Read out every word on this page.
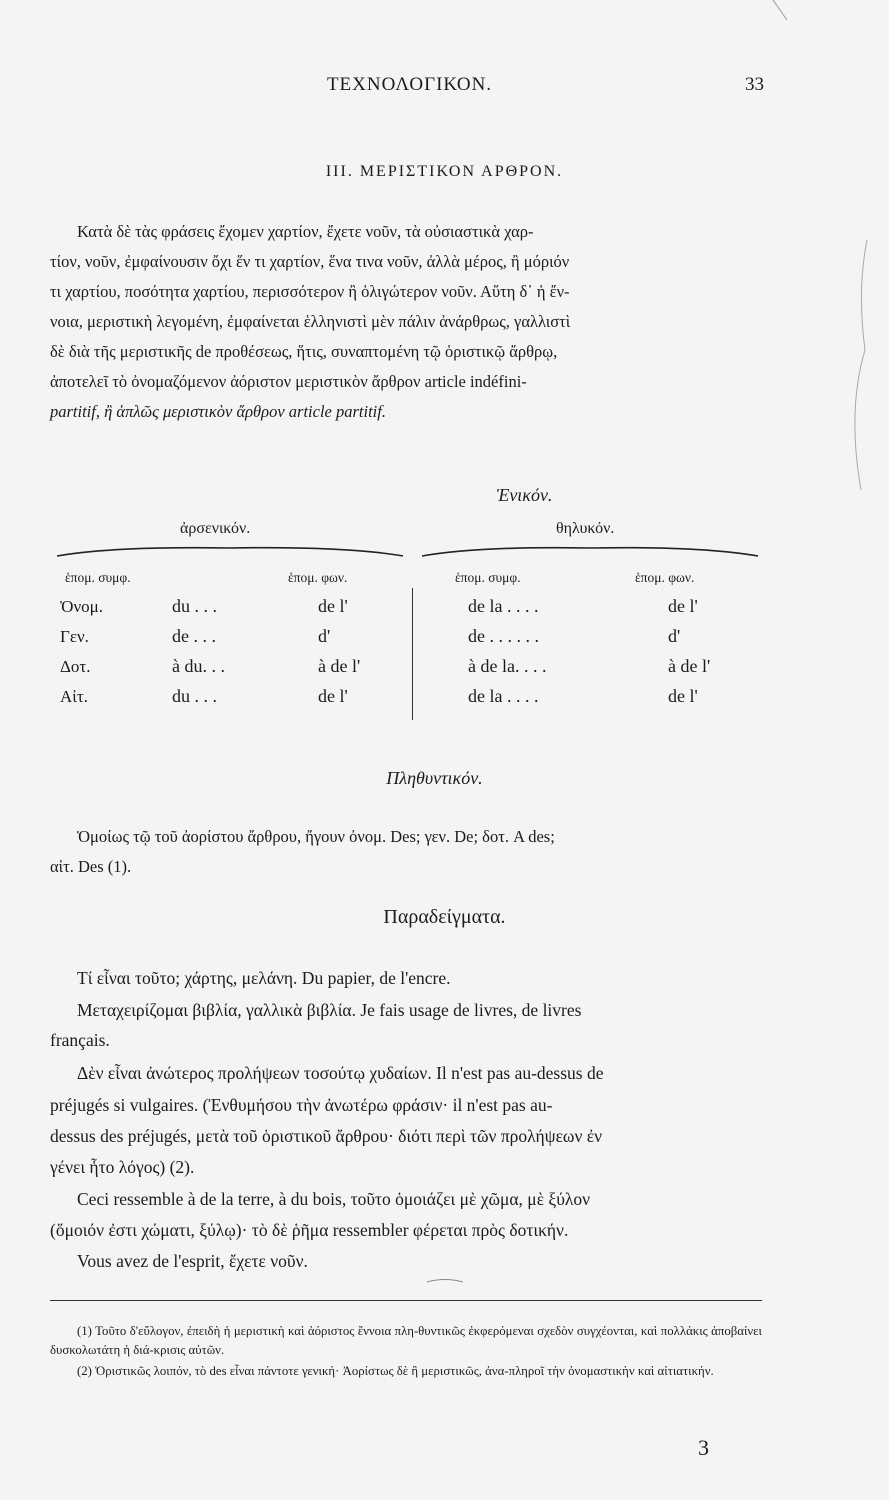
ΤΕΧΝΟΛΟΓΙΚΟΝ.	33
ΙΙΙ. ΜΕΡΙΣΤΙΚΟΝ ΑΡΘΡΟΝ.

Κατὰ δὲ τὰς φράσεις ἔχομεν χαρτίον, ἔχετε νοῦν, τὰ οὐσιαστικὰ χαρ-

τίον, νοῦν, ἐμφαίνουσιν ὄχι ἕν τι χαρτίον, ἕνα τινα νοῦν, ἀλλὰ μέρος, ἢ μόριόν

τι χαρτίου, ποσότητα χαρτίου, περισσότερον ἢ ὀλιγώτερον νοῦν. Αὕτη δ᾽ ἡ ἔν-

νοια, μεριστικὴ λεγομένη, ἐμφαίνεται ἑλληνιστὶ μὲν πάλιν ἀνάρθρως, γαλλιστὶ

δὲ διὰ τῆς μεριστικῆς de προθέσεως, ἥτις, συναπτομένη τῷ ὁριστικῷ ἄρθρῳ,

ἀποτελεῖ τὸ ὀνομαζόμενον ἀόριστον μεριστικὸν ἄρθρον article indéfini-

partitif, ἢ ἁπλῶς μεριστικὸν ἄρθρον article partitif.

Ἑνικόν.
ἀρσενικόν.	θηλυκόν.
ἑπομ. συμφ.	ἑπομ. φων.	ἑπομ. συμφ.	ἑπομ. φων.
Ὀνομ.	du . . .	de l'	de la . . . .	de l'
Γεν.	de . . .	d'	de . . . . . .	d'
Δοτ.	à du. . .	à de l'	à de la. . . .	à de l'
Αἰτ.	du . . .	de l'	de la . . . .	de l'
Πληθυντικόν.

Ὁμοίως τῷ τοῦ ἀορίστου ἄρθρου, ἤγουν ὀνομ. Des; γεν. De; δοτ. A des;

αἰτ. Des (1).

Παραδείγματα.
Τί εἶναι τοῦτο; χάρτης, μελάνη. Du papier, de l'encre.
Μεταχειρίζομαι βιβλία, γαλλικὰ βιβλία. Je fais usage de livres, de livres
français.
Δὲν εἶναι ἀνώτερος προλήψεων τοσούτῳ χυδαίων. Il n'est pas au-dessus de
préjugés si vulgaires. (Ἐνθυμήσου τὴν ἀνωτέρω φράσιν· il n'est pas au-
dessus des préjugés, μετὰ τοῦ ὁριστικοῦ ἄρθρου· διότι περὶ τῶν προλήψεων ἐν
γένει ἦτο λόγος) (2).
Ceci ressemble à de la terre, à du bois, τοῦτο ὁμοιάζει μὲ χῶμα, μὲ ξύλον
(ὅμοιόν ἐστι χώματι, ξύλῳ)· τὸ δὲ ῥῆμα ressembler φέρεται πρὸς δοτικήν.
Vous avez de l'esprit, ἔχετε νοῦν.

(1) Τοῦτο δ'εὔλογον, ἐπειδὴ ἡ μεριστικὴ καὶ ἀόριστος ἔννοια πλη-θυντικῶς ἐκφερόμεναι σχεδὸν συγχέονται, καὶ πολλάκις ἀποβαίνει δυσκολωτάτη ἡ διά-κρισις αὐτῶν.

(2) Ὁριστικῶς λοιπόν, τὸ des εἶναι πάντοτε γενική· Ἀορίστως δὲ ἢ μεριστικῶς, ἀνα-πληροῖ τὴν ὀνομαστικὴν καὶ αἰτιατικήν.

3
